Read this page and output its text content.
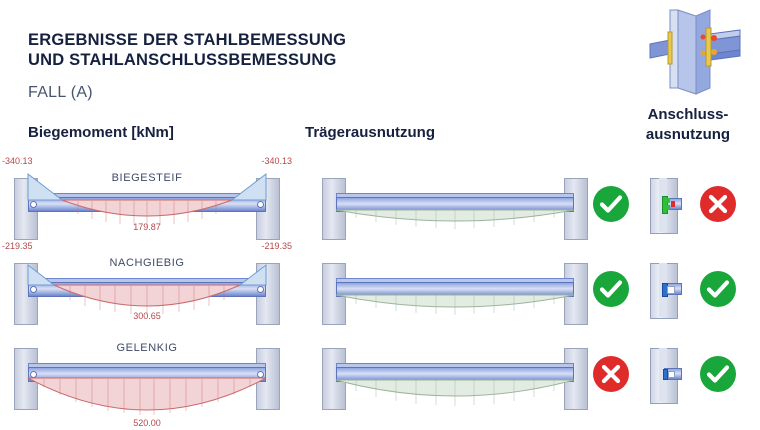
ERGEBNISSE DER STAHLBEMESSUNG
UND STAHLANSCHLUSSBEMESSUNG
FALL (A)
Biegemoment [kNm]	Trägerausnutzung
Anschluss-
ausnutzung
BIEGESTEIF
-340.13	-340.13
179.87
NACHGIEBIG
-219.35	-219.35
300.65
GELENKIG
520.00
